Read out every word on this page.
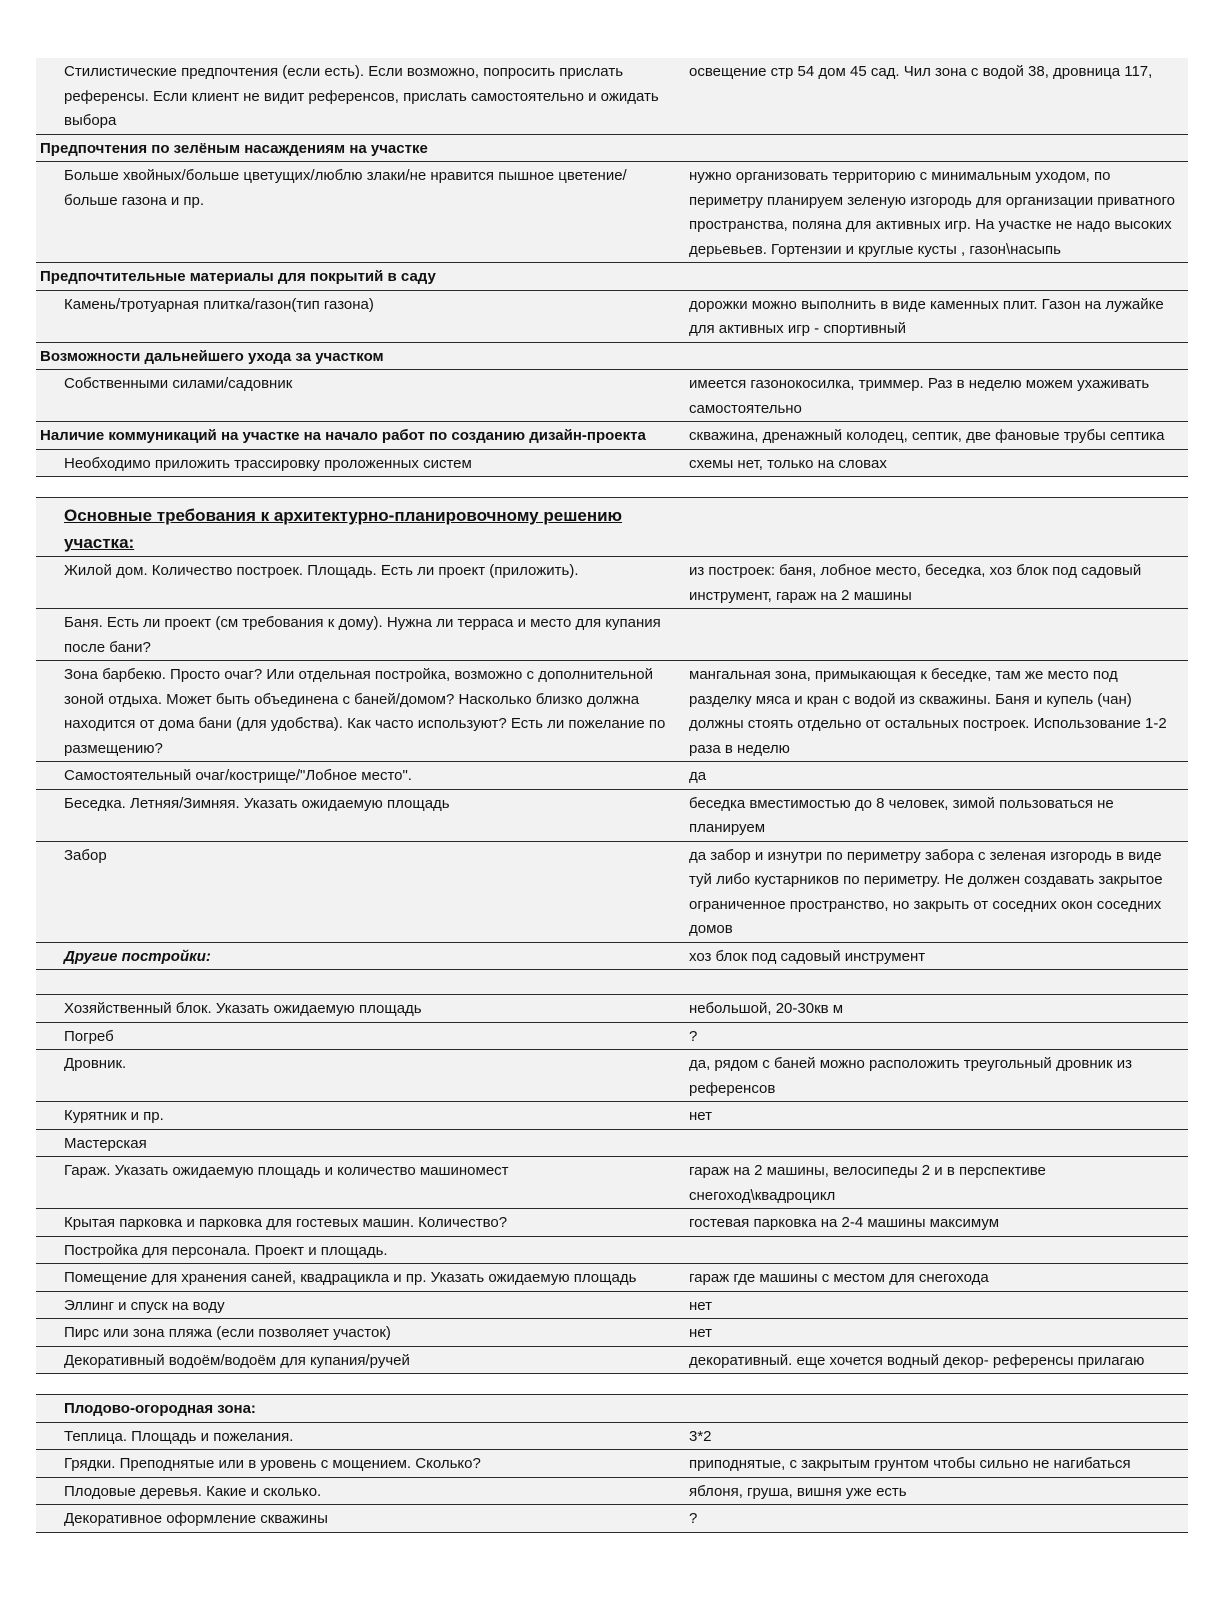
Стилистические предпочтения (если есть). Если возможно, попросить прислать референсы. Если клиент не видит референсов, прислать самостоятельно и ожидать выбора	освещение стр 54 дом 45 сад. Чил зона с водой 38, дровница 117,
Предпочтения по зелёным насаждениям на участке	
Больше хвойных/больше цветущих/люблю злаки/не нравится пышное цветение/больше газона и пр.	нужно организовать территорию с минимальным уходом, по периметру планируем зеленую изгородь для организации приватного пространства, поляна для активных игр. На участке не надо высоких дерьевьев. Гортензии и круглые кусты , газон\насыпь
Предпочтительные материалы для покрытий в саду	
Камень/тротуарная плитка/газон(тип газона)	дорожки можно выполнить в виде каменных плит. Газон на лужайке для активных игр - спортивный
Возможности дальнейшего ухода за участком	
Собственными силами/садовник	имеется газонокосилка, триммер. Раз в неделю можем ухаживать самостоятельно
Наличие коммуникаций на участке на начало работ по созданию дизайн-проекта	скважина, дренажный колодец, септик, две фановые трубы септика
Необходимо приложить трассировку проложенных систем	схемы нет, только на словах

Основные требования к архитектурно-планировочному решению участка:	
Жилой дом. Количество построек. Площадь. Есть ли проект (приложить).	из построек: баня, лобное место, беседка, хоз блок под садовый инструмент, гараж на 2 машины
Баня. Есть ли проект (см требования к дому). Нужна ли терраса и место для купания после бани?	
Зона барбекю. Просто очаг? Или отдельная постройка, возможно с дополнительной зоной отдыха. Может быть объединена с баней/домом? Насколько близко должна находится от дома бани (для удобства). Как часто используют? Есть ли пожелание по размещению?	мангальная зона, примыкающая к беседке, там же место под разделку мяса и кран с водой из скважины. Баня и купель (чан) должны стоять отдельно от остальных построек. Использование 1-2 раза в неделю
Самостоятельный очаг/кострище/"Лобное место".	да
Беседка. Летняя/Зимняя. Указать ожидаемую площадь	беседка вместимостью до 8 человек, зимой пользоваться не планируем
Забор	да забор и изнутри по периметру забора с зеленая изгородь в виде туй либо кустарников по периметру. Не должен создавать закрытое ограниченное пространство, но закрыть от соседних окон соседних домов
Другие постройки:	хоз блок под садовый инструмент

Хозяйственный блок. Указать ожидаемую площадь	небольшой, 20-30кв м
Погреб	?
Дровник.	да, рядом с баней можно расположить треугольный дровник из референсов
Курятник и пр.	нет
Мастерская	
Гараж. Указать ожидаемую площадь и количество машиномест	гараж на 2 машины, велосипеды 2 и в перспективе снегоход\квадроцикл
Крытая парковка и парковка для гостевых машин. Количество?	гостевая парковка на 2-4 машины максимум
Постройка для персонала. Проект и площадь.	
Помещение для хранения саней, квадрацикла и пр. Указать ожидаемую площадь	гараж где машины с местом для снегохода
Эллинг и спуск на воду	нет
Пирс или зона пляжа (если позволяет участок)	нет
Декоративный водоём/водоём для купания/ручей	декоративный. еще хочется водный декор- референсы прилагаю

Плодово-огородная зона:	
Теплица. Площадь и пожелания.	3*2
Грядки. Преподнятые или в уровень с мощением. Сколько?	приподнятые, с закрытым грунтом чтобы сильно не нагибаться
Плодовые деревья. Какие и сколько.	яблоня, груша, вишня уже есть
Декоративное оформление скважины	?
